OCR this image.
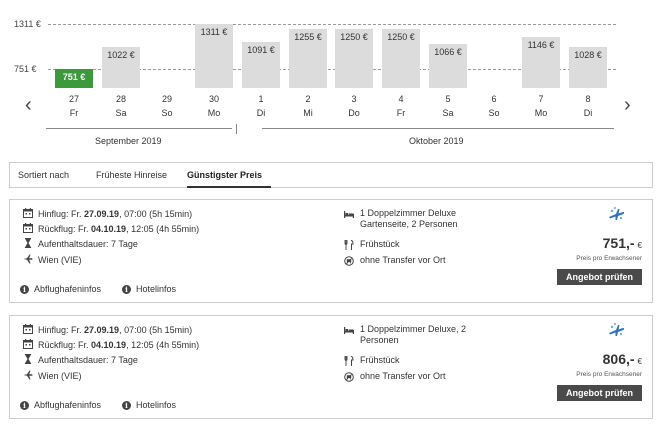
1311 €
751 €
751 €
1022 €
1311 €
1091 €
1255 €	1250 €	1250 €
1066 €
1146 €
1028 €
27
Fr
28
Sa
29
So
30
Mo
1
Di
2
Mi
3
Do
4
Fr
5
Sa
6
So
7
Mo
8
Di
‹	›
September 2019	Oktober 2019
Sortiert nach	Früheste Hinreise Günstigster Preis
Hinflug: Fr. 27.09.19, 07:00 (5h 15min)
Rückflug: Fr. 04.10.19, 12:05 (4h 55min)
Aufenthaltsdauer: 7 Tage
Wien (VIE)
1 Doppelzimmer Deluxe Gartenseite, 2 Personen
Frühstück
ohne Transfer vor Ort
751,- €
Preis pro Erwachsener
Angebot prüfen
i Abflughafeninfos	i Hotelinfos
Hinflug: Fr. 27.09.19, 07:00 (5h 15min)
Rückflug: Fr. 04.10.19, 12:05 (4h 55min)
Aufenthaltsdauer: 7 Tage
Wien (VIE)
1 Doppelzimmer Deluxe, 2 Personen
Frühstück
ohne Transfer vor Ort
806,- €
Preis pro Erwachsener
Angebot prüfen
i Abflughafeninfos	i Hotelinfos
